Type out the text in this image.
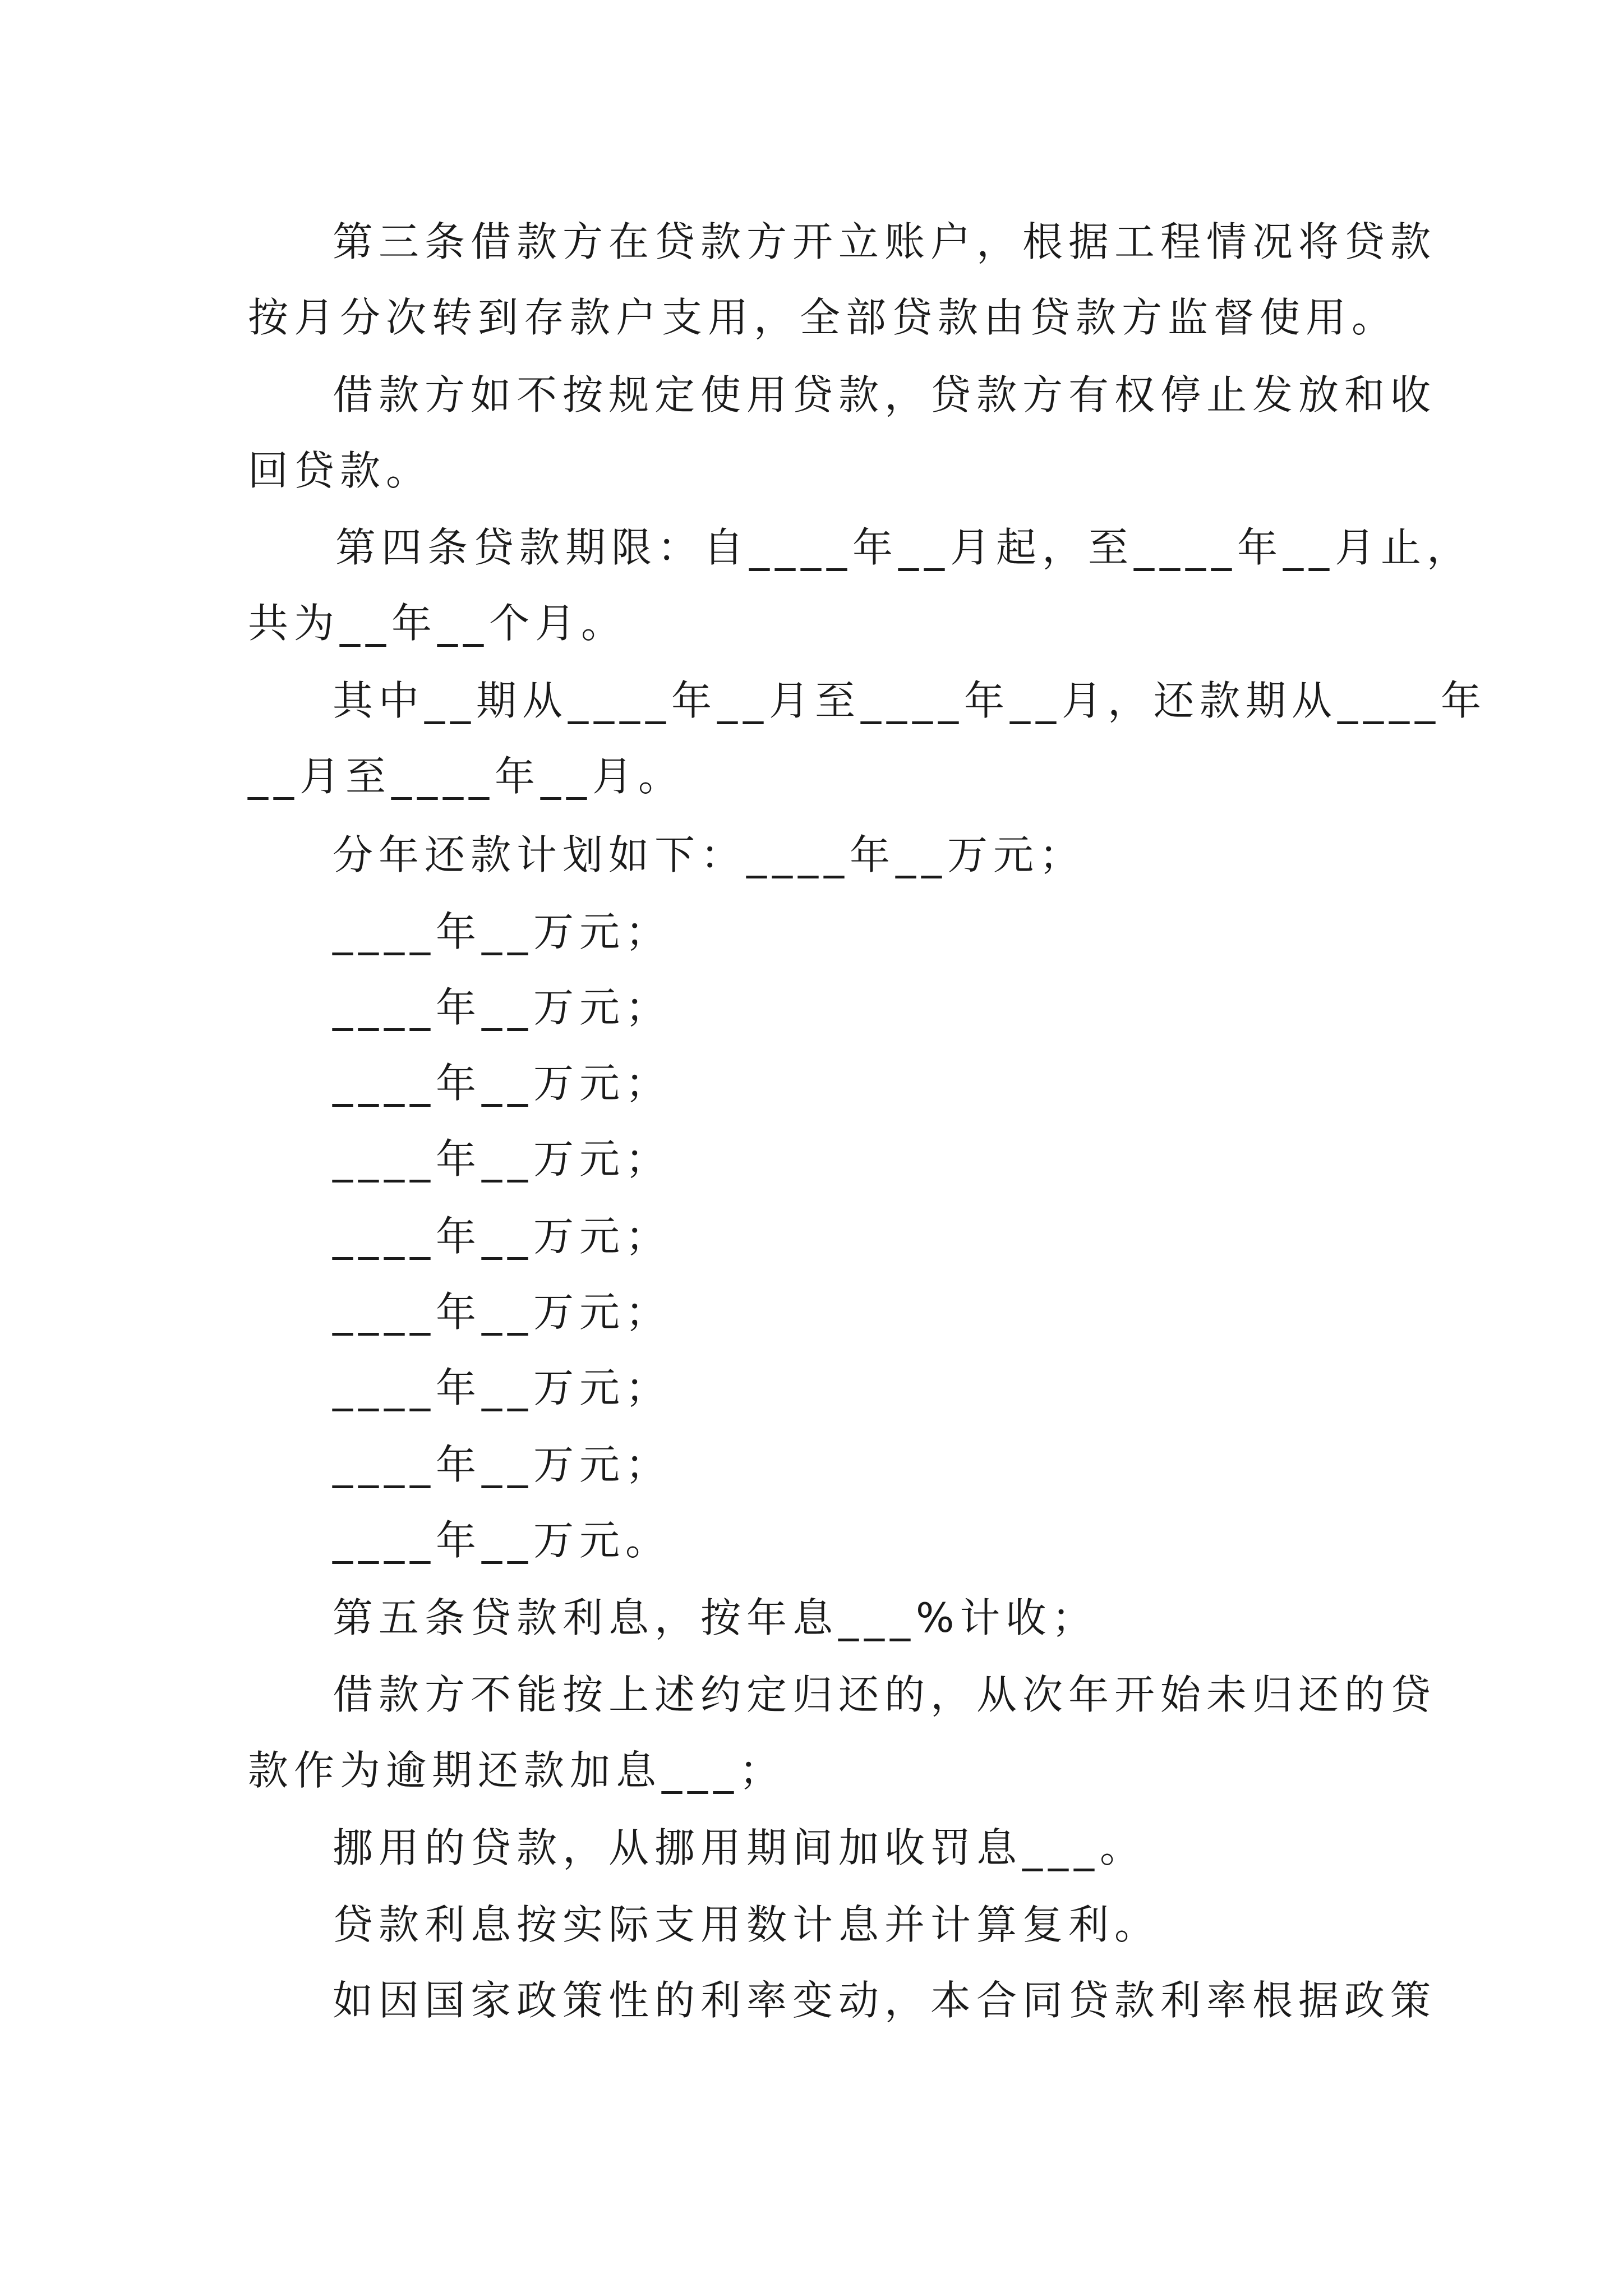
第三条借款方在贷款方开立账户，根据工程情况将贷款
按月分次转到存款户支用，全部贷款由贷款方监督使用。
借款方如不按规定使用贷款，贷款方有权停止发放和收
回贷款。
第四条贷款期限：自____年__月起，至____年__月止，
共为__年__个月。
其中__期从____年__月至____年__月，还款期从____年
__月至____年__月。
分年还款计划如下：____年__万元；
____年__万元；
____年__万元；
____年__万元；
____年__万元；
____年__万元；
____年__万元；
____年__万元；
____年__万元；
____年__万元。
第五条贷款利息，按年息___%计收；
借款方不能按上述约定归还的，从次年开始未归还的贷
款作为逾期还款加息___；
挪用的贷款，从挪用期间加收罚息___。
贷款利息按实际支用数计息并计算复利。
如因国家政策性的利率变动，本合同贷款利率根据政策
